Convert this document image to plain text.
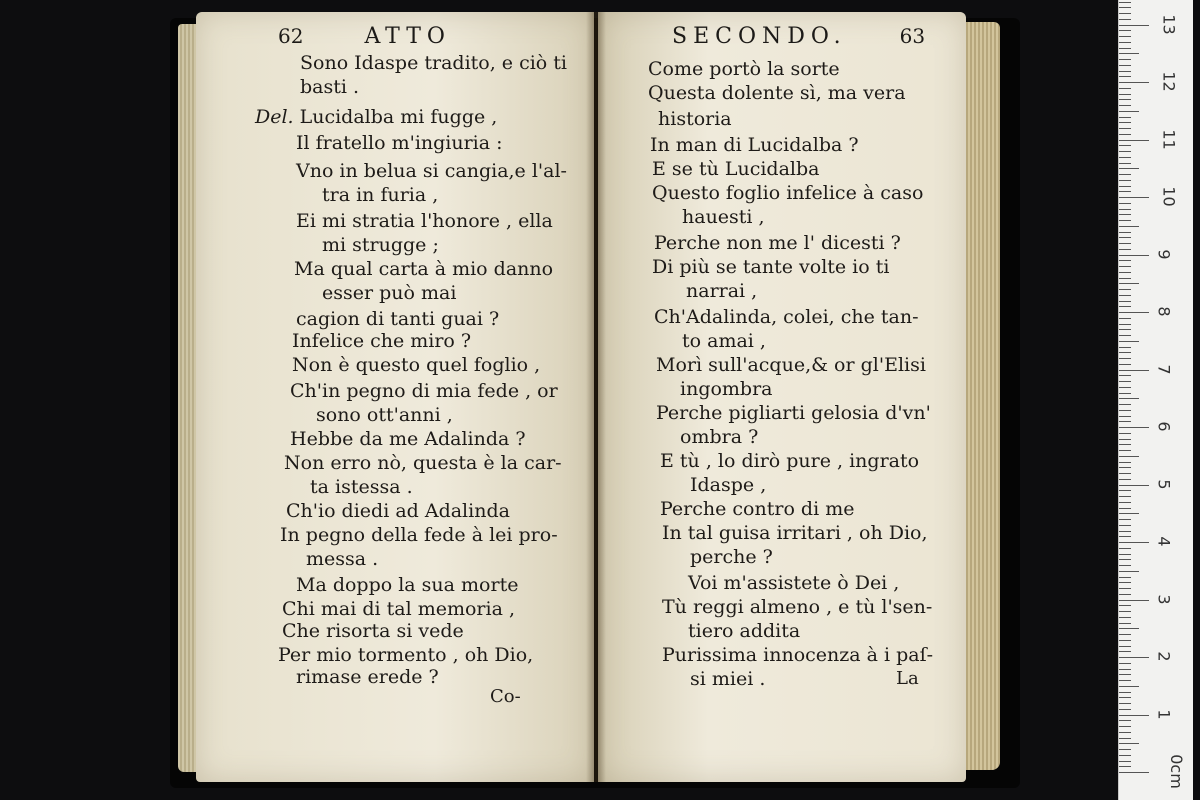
62	ATTO	SECONDO.	63
Sono Idaspe tradito, e ciò ti
basti .
Del. Lucidalba mi fugge ,
Il fratello m'ingiuria :
Vno in belua si cangia,e l'al-
tra in furia ,
Ei mi stratia l'honore , ella
mi strugge ;
Ma qual carta à mio danno
esser può mai
cagion di tanti guai ?
Infelice che miro ?
Non è questo quel foglio ,
Ch'in pegno di mia fede , or
sono ott'anni ,
Hebbe da me Adalinda ?
Non erro nò, questa è la car-
ta istessa .
Ch'io diedi ad Adalinda
In pegno della fede à lei pro-
messa .
Ma doppo la sua morte
Chi mai di tal memoria ,
Che risorta si vede
Per mio tormento , oh Dio,
rimase erede ?
Come portò la sorte
Questa dolente sì, ma vera
historia
In man di Lucidalba ?
E se tù Lucidalba
Questo foglio infelice à caso
hauesti ,
Perche non me l' dicesti ?
Di più se tante volte io ti
narrai ,
Ch'Adalinda, colei, che tan-
to amai ,
Morì sull'acque,& or gl'Elisi
ingombra
Perche pigliarti gelosia d'vn'
ombra ?
E tù , lo dirò pure , ingrato
Idaspe ,
Perche contro di me
In tal guisa irritari , oh Dio,
perche ?
Voi m'assistete ò Dei ,
Tù reggi almeno , e tù l'sen-
tiero addita
Purissima innocenza à i paſ-
si miei .
Co-
La
0cm
1
2
3
4
5
6
7
8
9
10
11
12
13
